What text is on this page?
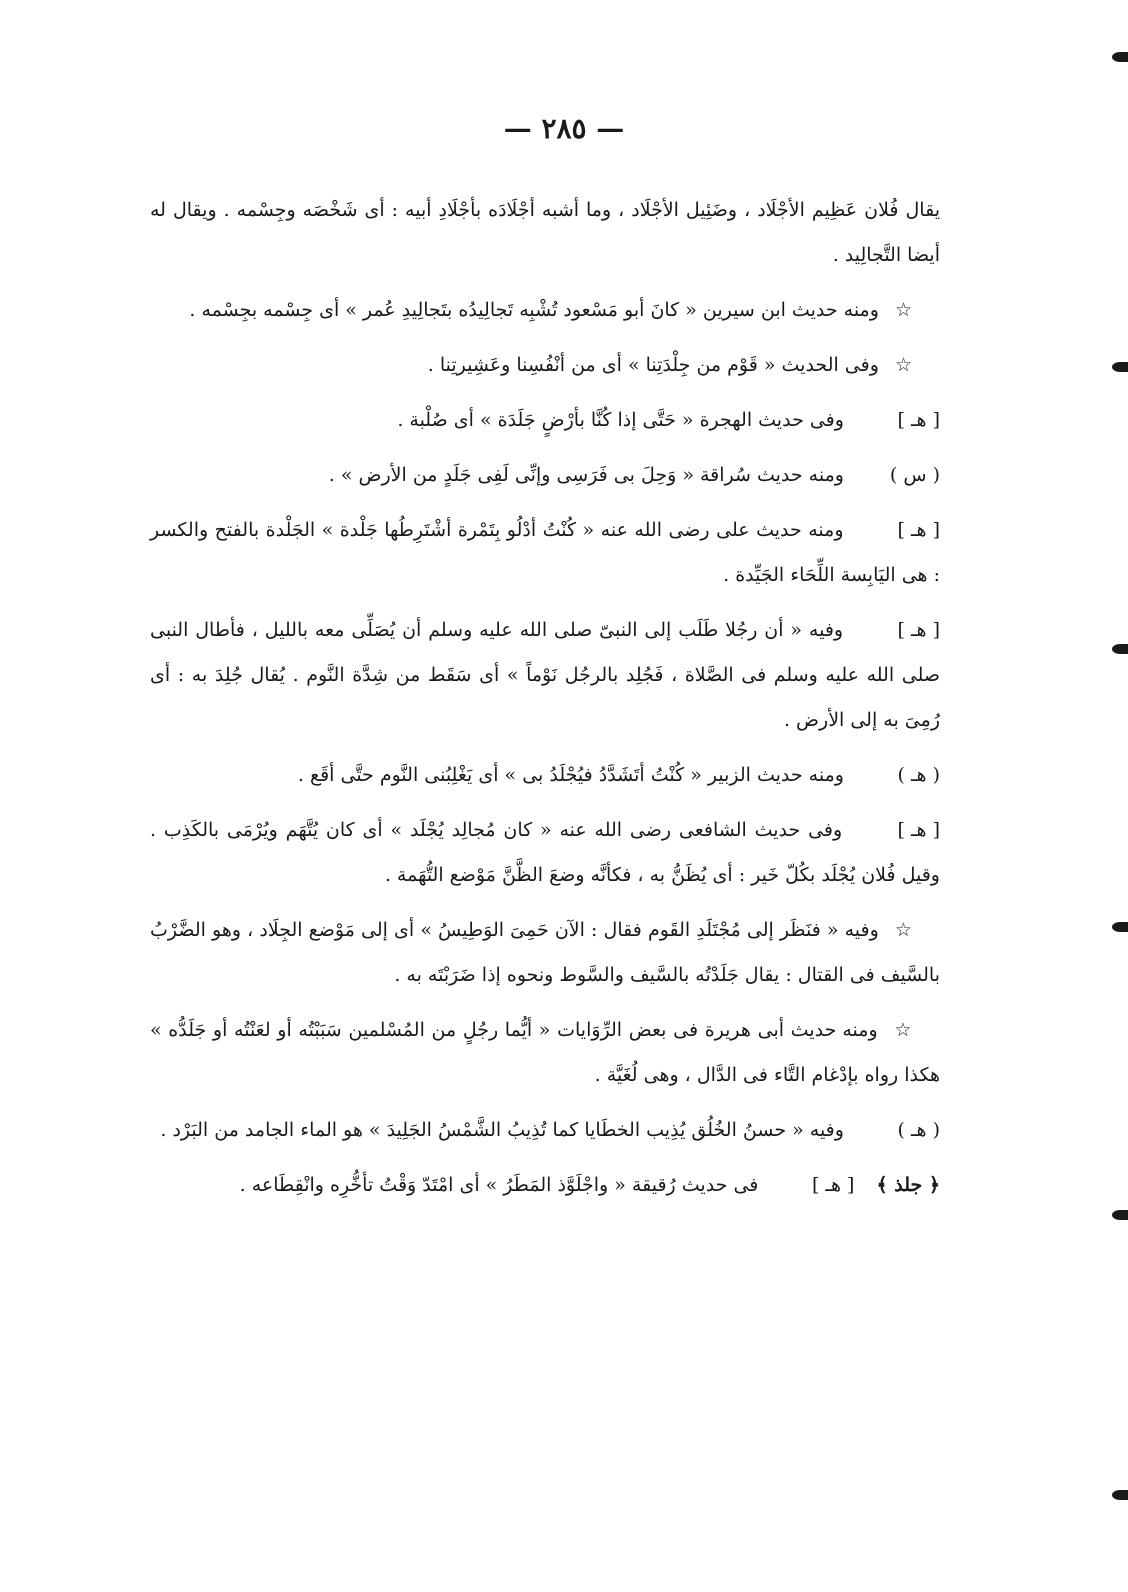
— ٢٨٥ —

يقال فُلان عَظِيم الأجْلَاد ، وضَئِيل الأجْلَاد ، وما أشبه أجْلَادَه بأجْلَادِ أبيه : أى شَخْصَه وجِسْمه . ويقال له أيضا التَّجالِيد .

☆ ومنه حديث ابن سيرين « كانَ أبو مَسْعود تُشْبِه تَجالِيدُه بتَجالِيدِ عُمر » أى جِسْمه بجِسْمه .

☆ وفى الحديث « قَوْم من جِلْدَتِنا » أى من أنْفُسِنا وعَشِيرتِنا .

[ هـ ] وفى حديث الهجرة « حَتَّى إذا كُنَّا بأرْضٍ جَلَدَة » أى صُلْبة .

( س ) ومنه حديث سُراقة « وَحِلَ بى فَرَسِى وإنِّى لَفِى جَلَدٍ من الأرض » .

[ هـ ] ومنه حديث على رضى الله عنه « كُنْتُ أدْلُو بِتَمْرة أشْتَرِطُها جَلْدة » الجَلْدة بالفتح والكسر : هى اليَابِسة اللِّحَاء الجَيِّدة .

[ هـ ] وفيه « أن رجُلا طَلَب إلى النبىّ صلى الله عليه وسلم أن يُصَلِّى معه بالليل ، فأطال النبى صلى الله عليه وسلم فى الصَّلاة ، فَجُلِد بالرجُل نَوْماً » أى سَقَط من شِدَّة النَّوم . يُقال جُلِدَ به : أى رُمِىَ به إلى الأرض .

( هـ ) ومنه حديث الزبير « كُنْتُ أتَشَدَّدُ فيُجْلَدُ بى » أى يَغْلِبُنى النَّوم حتَّى أقَع .

[ هـ ] وفى حديث الشافعى رضى الله عنه « كان مُجالِد يُجْلَد » أى كان يُتَّهَم ويُرْمَى بالكَذِب . وقيل فُلان يُجْلَد بكُلّ خَير : أى يُظَنُّ به ، فكأنَّه وضعَ الظَّنَّ مَوْضع التُّهَمة .

☆ وفيه « فنَظَر إلى مُجْتَلَدِ القَوم فقال : الآن حَمِىَ الوَطِيسُ » أى إلى مَوْضع الجِلَاد ، وهو الضَّرْبُ بالسَّيف فى القتال : يقال جَلَدْتُه بالسَّيف والسَّوط ونحوه إذا ضَرَبْتَه به .

☆ ومنه حديث أبى هريرة فى بعض الرِّوَايات « أيُّما رجُلٍ من المُسْلمين سَبَبْتُه أو لعَنْتُه أو جَلَدُّه » هكذا رواه بإدْغام التَّاء فى الدَّال ، وهى لُغَيَّة .

( هـ ) وفيه « حسنُ الخُلُق يُذِيب الخطَايا كما تُذِيبُ الشَّمْسُ الجَلِيدَ » هو الماء الجامد من البَرْد .

﴿ جلذ ﴾ [ هـ ] فى حديث رُقيقة « واجْلَوَّذ المَطَرُ » أى امْتَدّ وَقْتُ تأخُّرِه وانْقِطَاعه .
